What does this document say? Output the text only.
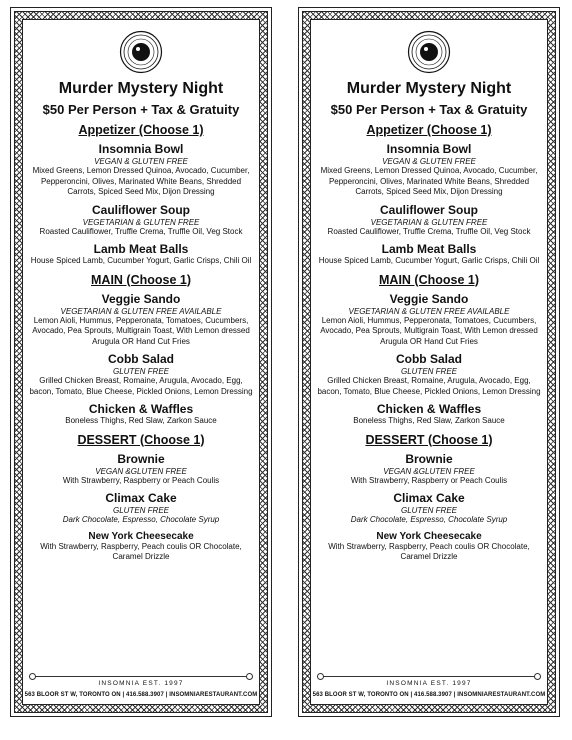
Murder Mystery Night
$50 Per Person + Tax & Gratuity
Appetizer (Choose 1)
Insomnia Bowl
VEGAN & GLUTEN FREE
Mixed Greens, Lemon Dressed Quinoa, Avocado, Cucumber, Pepperoncini, Olives, Marinated White Beans, Shredded Carrots, Spiced Seed Mix, Dijon Dressing
Cauliflower Soup
VEGETARIAN & GLUTEN FREE
Roasted Cauliflower, Truffle Crema, Truffle Oil, Veg Stock
Lamb Meat Balls
House Spiced Lamb, Cucumber Yogurt, Garlic Crisps, Chili Oil
MAIN (Choose 1)
Veggie Sando
VEGETARIAN & GLUTEN FREE AVAILABLE
Lemon Aioli, Hummus, Pepperonata, Tomatoes, Cucumbers, Avocado, Pea Sprouts, Multigrain Toast, With Lemon dressed Arugula OR Hand Cut Fries
Cobb Salad
GLUTEN FREE
Grilled Chicken Breast, Romaine, Arugula, Avocado, Egg, bacon, Tomato, Blue Cheese, Pickled Onions, Lemon Dressing
Chicken & Waffles
Boneless Thighs, Red Slaw, Zarkon Sauce
DESSERT (Choose 1)
Brownie
VEGAN &GLUTEN FREE
With Strawberry, Raspberry or Peach Coulis
Climax Cake
GLUTEN FREE
Dark Chocolate, Espresso, Chocolate Syrup
New York Cheesecake
With Strawberry, Raspberry, Peach coulis OR Chocolate, Caramel Drizzle
INSOMNIA EST. 1997
563 BLOOR ST W, TORONTO ON | 416.588.3907 | INSOMNIARESTAURANT.COM
Murder Mystery Night
$50 Per Person + Tax & Gratuity
Appetizer (Choose 1)
Insomnia Bowl
VEGAN & GLUTEN FREE
Mixed Greens, Lemon Dressed Quinoa, Avocado, Cucumber, Pepperoncini, Olives, Marinated White Beans, Shredded Carrots, Spiced Seed Mix, Dijon Dressing
Cauliflower Soup
VEGETARIAN & GLUTEN FREE
Roasted Cauliflower, Truffle Crema, Truffle Oil, Veg Stock
Lamb Meat Balls
House Spiced Lamb, Cucumber Yogurt, Garlic Crisps, Chili Oil
MAIN (Choose 1)
Veggie Sando
VEGETARIAN & GLUTEN FREE AVAILABLE
Lemon Aioli, Hummus, Pepperonata, Tomatoes, Cucumbers, Avocado, Pea Sprouts, Multigrain Toast, With Lemon dressed Arugula OR Hand Cut Fries
Cobb Salad
GLUTEN FREE
Grilled Chicken Breast, Romaine, Arugula, Avocado, Egg, bacon, Tomato, Blue Cheese, Pickled Onions, Lemon Dressing
Chicken & Waffles
Boneless Thighs, Red Slaw, Zarkon Sauce
DESSERT (Choose 1)
Brownie
VEGAN &GLUTEN FREE
With Strawberry, Raspberry or Peach Coulis
Climax Cake
GLUTEN FREE
Dark Chocolate, Espresso, Chocolate Syrup
New York Cheesecake
With Strawberry, Raspberry, Peach coulis OR Chocolate, Caramel Drizzle
INSOMNIA EST. 1997
563 BLOOR ST W, TORONTO ON | 416.588.3907 | INSOMNIARESTAURANT.COM
